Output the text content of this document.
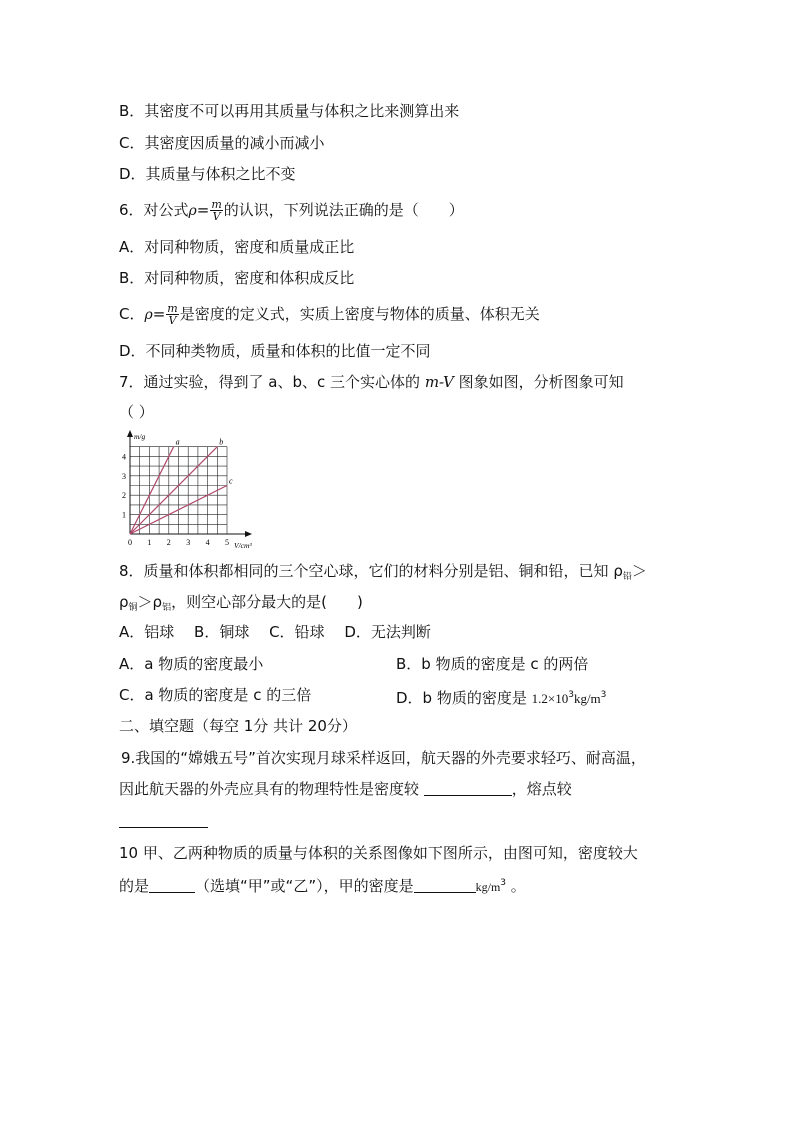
B．其密度不可以再用其质量与体积之比来测算出来
C．其密度因质量的减小而减小
D．其质量与体积之比不变
6．对公式$\rho= \frac{m}{V}$ 的认识，下列说法正确的是（　　）
A．对同种物质，密度和质量成正比
B．对同种物质，密度和体积成反比
C．$\rho= \frac{m}{V}$ 是密度的定义式，实质上密度与物体的质量、体积无关
D．不同种类物质，质量和体积的比值一定不同
7．通过实验，得到了 a、b、c 三个实心体的 m-V 图象如图，分析图象可知
（ ）
0 1 2 3 4 5
1
2
3
4
m/g
V/cm³
a	b
c
8．质量和体积都相同的三个空心球，它们的材料分别是铝、铜和铅，已知 $\rho_铅>$
$\rho_铜>\rho_铝$，则空心部分最大的是(　　)
A．铝球　 B．铜球　 C．铅球　 D．无法判断
A．a 物质的密度最小	B．b 物质的密度是 c 的两倍
C．a 物质的密度是 c 的三倍	D．b 物质的密度是 $1.2\times 10^3kg/m^3$
二、填空题（每空 1分 共计 20分）
9.我国的“嫦娥五号”首次实现月球采样返回，航天器的外壳要求轻巧、耐高温，
因此航天器的外壳应具有的物理特性是密度较	，熔点较
10 甲、乙两种物质的质量与体积的关系图像如下图所示，由图可知，密度较大
的是	（选填“甲”或“乙”），甲的密度是	$kg/m^3$ 。
